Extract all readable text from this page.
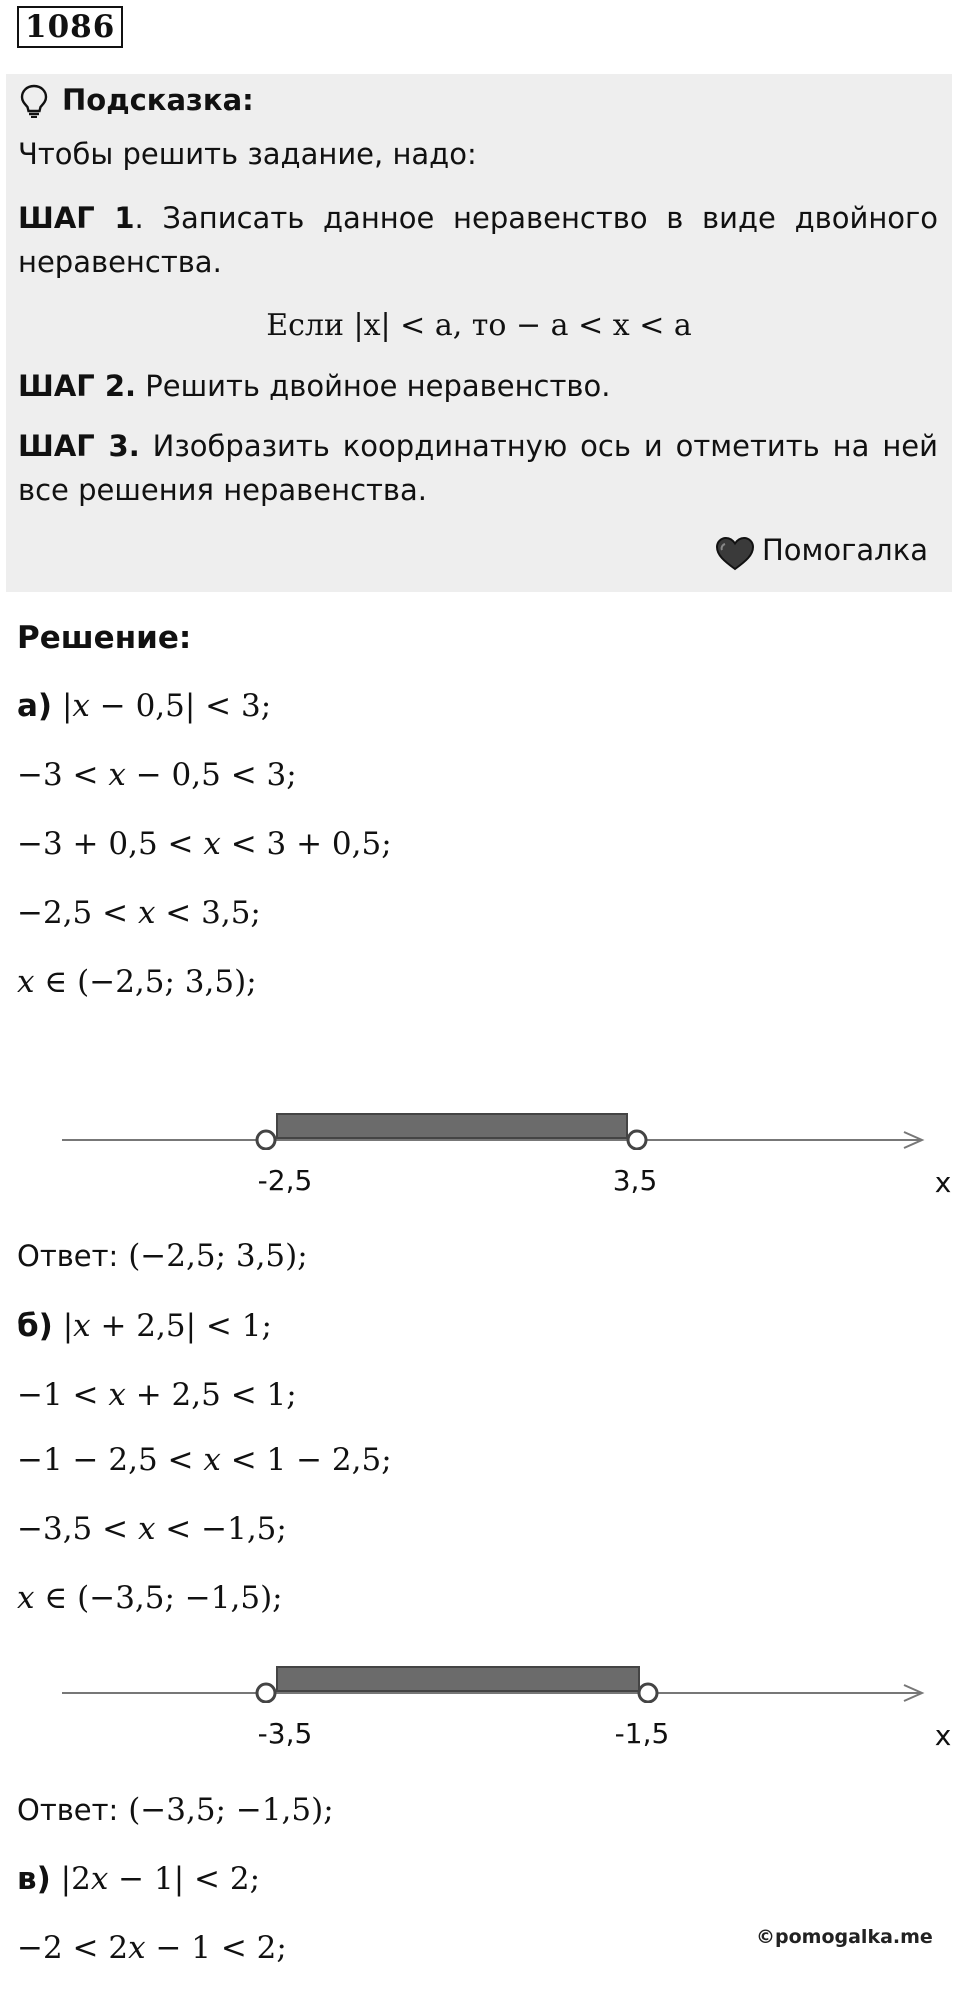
1086
Подсказка:
Чтобы решить задание, надо:
ШАГ 1. Записать данное неравенство в виде двойного
неравенства.
Если |x| < a, то − a < x < a
ШАГ 2. Решить двойное неравенство.
ШАГ 3. Изобразить координатную ось и отметить на ней
все решения неравенства.
Помогалка
Решение:
а) |𝑥 − 0,5| < 3;
−3 < 𝑥 − 0,5 < 3;
−3 + 0,5 < 𝑥 < 3 + 0,5;
−2,5 < 𝑥 < 3,5;
𝑥 ∈ (−2,5; 3,5);
-2,5	3,5	x
Ответ: (−2,5; 3,5);
б) |𝑥 + 2,5| < 1;
−1 < 𝑥 + 2,5 < 1;
−1 − 2,5 < 𝑥 < 1 − 2,5;
−3,5 < 𝑥 < −1,5;
𝑥 ∈ (−3,5; −1,5);
-3,5	-1,5	x
Ответ: (−3,5; −1,5);
в) |2𝑥 − 1| < 2;
−2 < 2𝑥 − 1 < 2;	©pomogalka.me
